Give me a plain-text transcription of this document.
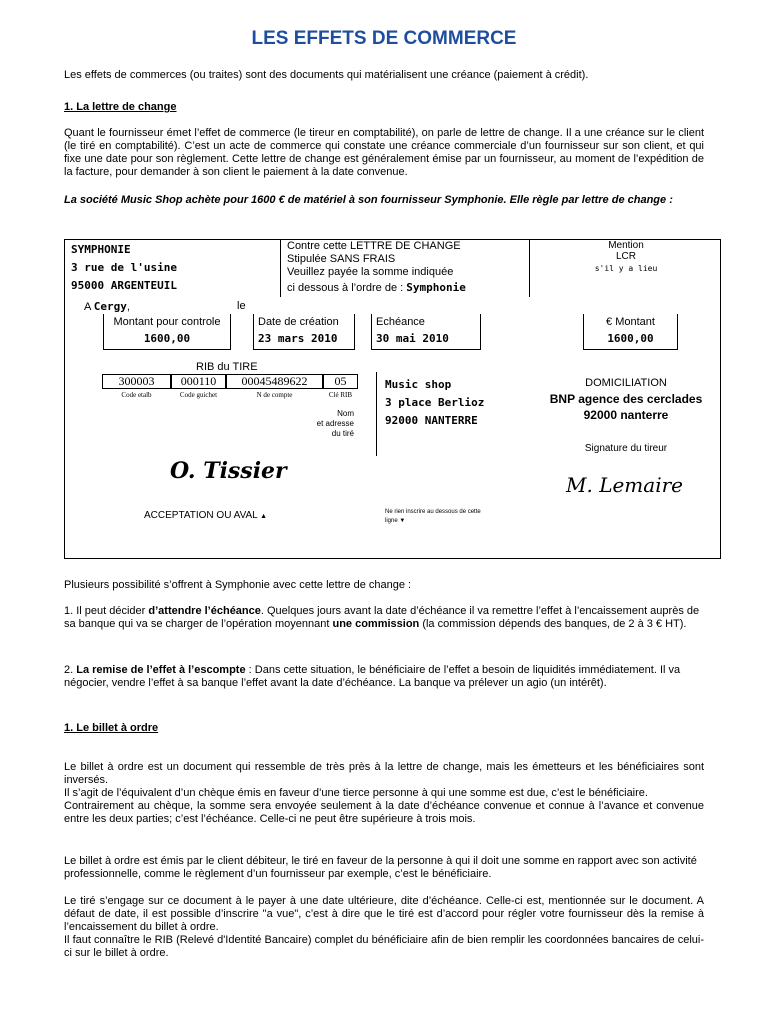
LES EFFETS DE COMMERCE
Les effets de commerces (ou traites) sont des documents qui matérialisent une créance (paiement à crédit).
1. La lettre de change
Quant le fournisseur émet l’effet de commerce (le tireur en comptabilité), on parle de lettre de change. Il a une créance sur le client (le tiré en comptabilité). C’est un acte de commerce qui constate une créance commerciale d’un fournisseur sur son client, et qui fixe une date pour son règlement. Cette lettre de change est généralement émise par un fournisseur, au moment de l’expédition de la facture, pour demander à son client le paiement à la date convenue.
La société Music Shop achète pour 1600 € de matériel à son fournisseur Symphonie. Elle règle par lettre de change :
SYMPHONIE
3 rue de l'usine
95000 ARGENTEUIL
Contre cette LETTRE DE CHANGE
Stipulée SANS FRAIS
Veuillez payée la somme indiquée
ci dessous à l’ordre de : Symphonie
Mention
LCR
s'il y a lieu
A Cergy,	le
Montant pour controle
1600,00
Date de création
23 mars 2010
Echéance
30 mai 2010
€ Montant
1600,00
RIB du TIRE
300003	000110	00045489622	05
Code etalb	Code guichet	N de compte	Clé RIB
Nom
et adresse
du tiré
Music shop
3 place Berlioz
92000 NANTERRE
DOMICILIATION
BNP agence des cerclades
92000 nanterre
Signature du tireur
O. Tissier
M. Lemaire
ACCEPTATION OU AVAL ▲
Ne rien inscrire au dessous de cette
ligne ▼
Plusieurs possibilité s’offrent à Symphonie avec cette lettre de change :
1. Il peut décider d’attendre l’échéance. Quelques jours avant la date d’échéance il va remettre l’effet à l’encaissement auprès de sa banque qui va se charger de l’opération moyennant une commission (la commission dépends des banques, de 2 à 3 € HT).
2. La remise de l’effet à l’escompte : Dans cette situation, le bénéficiaire de l’effet a besoin de liquidités immédiatement. Il va négocier, vendre l’effet à sa banque l’effet avant la date d’échéance. La banque va prélever un agio (un intérêt).
1. Le billet à ordre
Le billet à ordre est un document qui ressemble de très près à la lettre de change, mais les émetteurs et les bénéficiaires sont inversés.
Il s’agit de l’équivalent d’un chèque émis en faveur d’une tierce personne à qui une somme est due, c’est le bénéficiaire.
Contrairement au chèque, la somme sera envoyée seulement à la date d’échéance convenue et connue à l’avance et convenue entre les deux parties; c’est l’échéance. Celle-ci ne peut être supérieure à trois mois.
Le billet à ordre est émis par le client débiteur, le tiré en faveur de la personne à qui il doit une somme en rapport avec son activité professionnelle, comme le règlement d’un fournisseur par exemple, c’est le bénéficiaire.
Le tiré s’engage sur ce document à le payer à une date ultérieure, dite d’échéance. Celle-ci est, mentionnée sur le document. A défaut de date, il est possible d’inscrire "a vue", c’est à dire que le tiré est d’accord pour régler votre fournisseur dès la remise à l’encaissement du billet à ordre.
Il faut connaître le RIB (Relevé d'Identité Bancaire) complet du bénéficiaire afin de bien remplir les coordonnées bancaires de celui-ci sur le billet à ordre.
